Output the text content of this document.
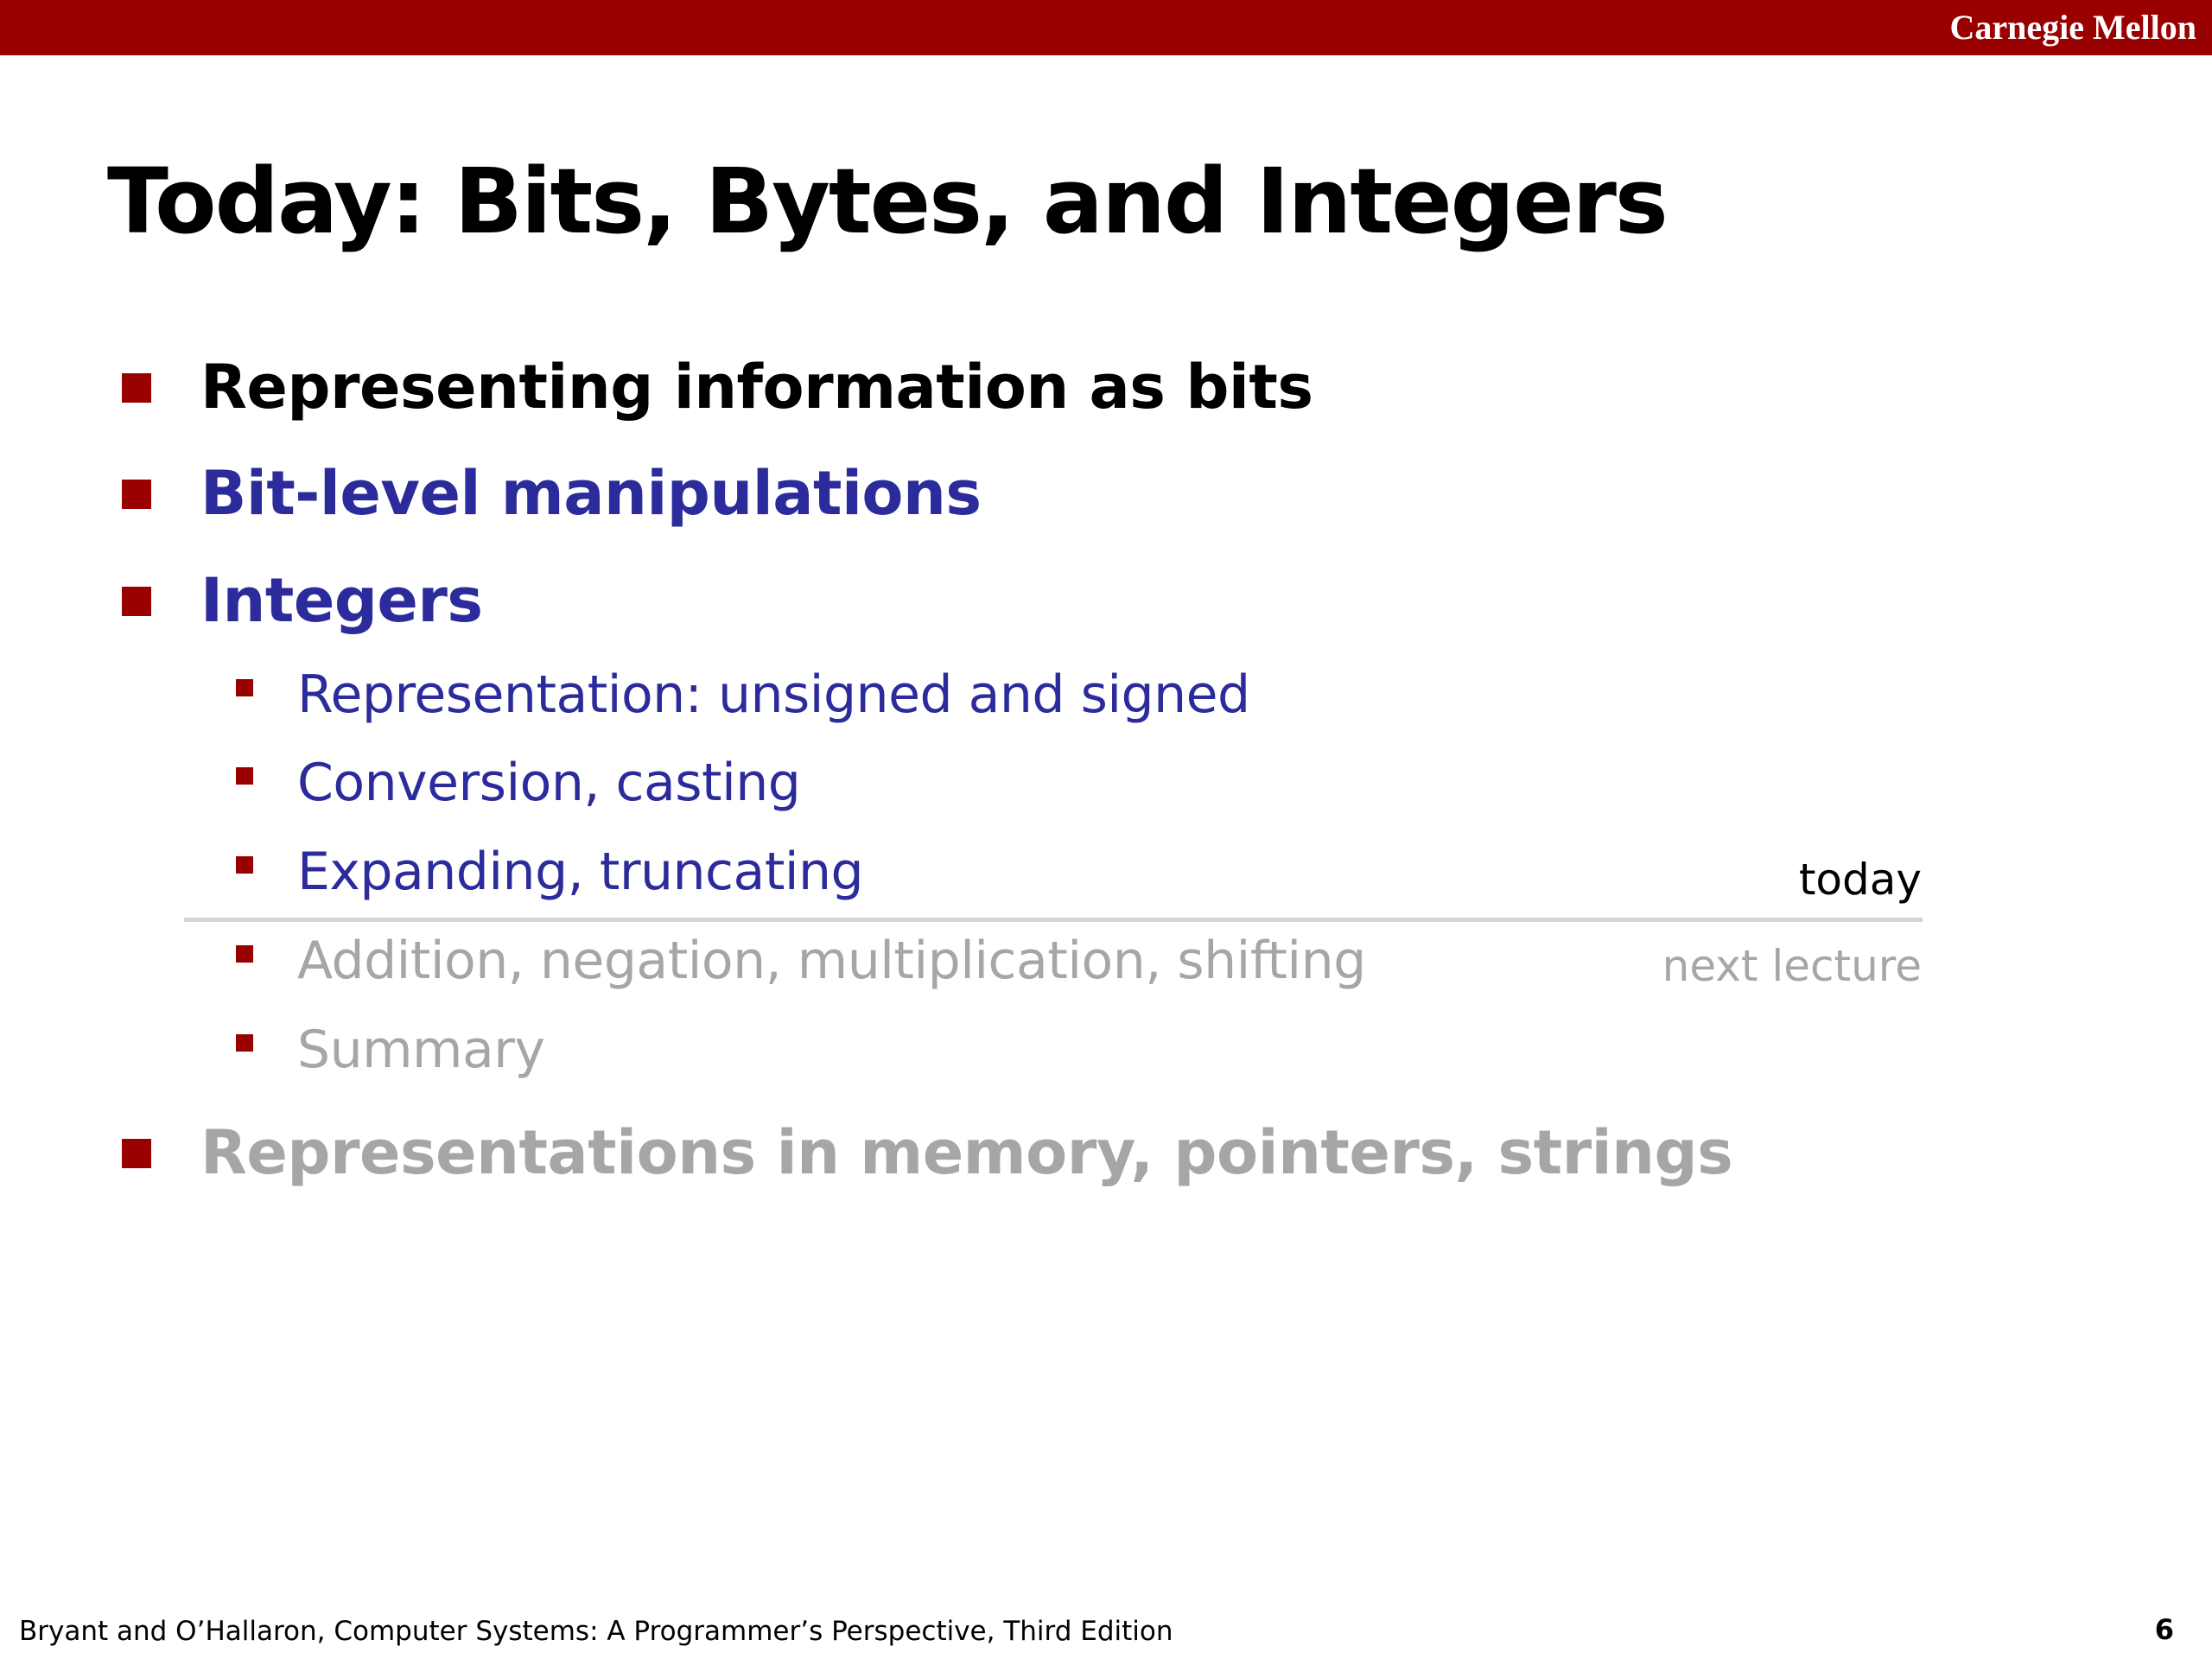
Carnegie Mellon
Today: Bits, Bytes, and Integers
Representing information as bits
Bit-level manipulations
Integers
Representation: unsigned and signed
Conversion, casting
Expanding, truncating	today
Addition, negation, multiplication, shifting	next lecture
Summary
Representations in memory, pointers, strings
Bryant and O’Hallaron, Computer Systems: A Programmer’s Perspective, Third Edition	6
